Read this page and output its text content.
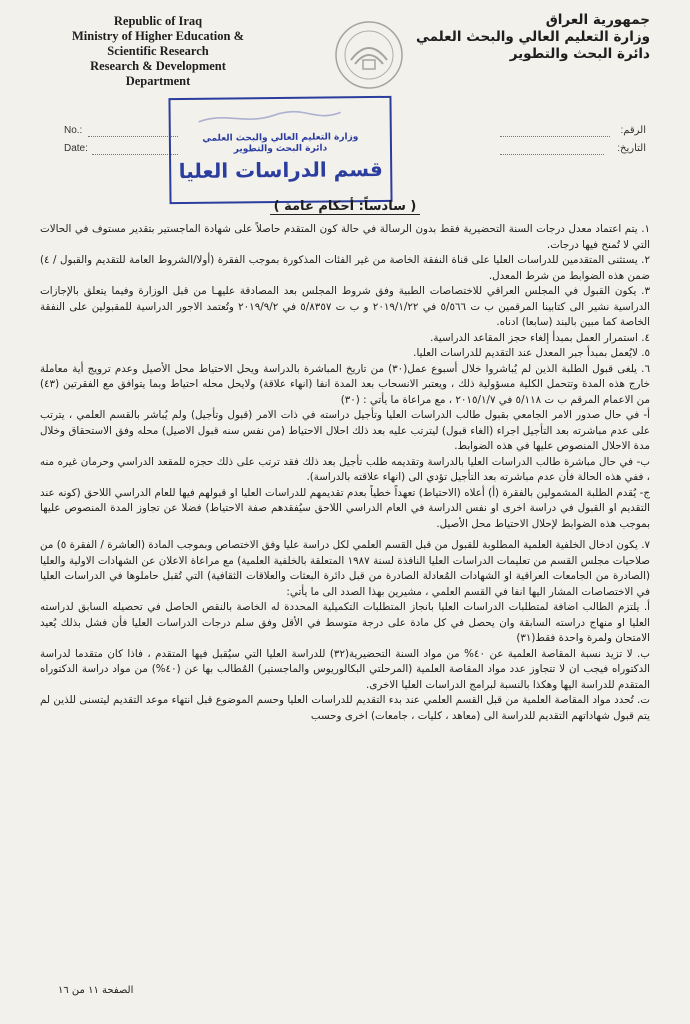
Republic of Iraq
Ministry of Higher Education &
Scientific Research
Research & Development
Department
جمهورية العراق
وزارة التعليم العالي والبحث العلمي
دائرة البحث والتطوير
No.:
Date:
الرقم:
التاريخ:
وزارة التعليم العالي والبحث العلمي
دائرة البحث والتطوير
قسم الدراسات العليا
( سادساً: أحكام عامة )

١. يتم اعتماد معدل درجات السنة التحضيرية فقط بدون الرسالة في حالة كون المتقدم حاصلاً على شهادة الماجستير بتقدير مستوف في الحالات التي لا تُمنح فيها درجات.

٢. يستثنى المتقدمين للدراسات العليا على قناة النفقة الخاصة من غير الفئات المذكورة بموجب الفقرة (أولا/الشروط العامة للتقديم والقبول / ٤) ضمن هذه الضوابط من شرط المعدل.

٣. يكون القبول في المجلس العراقي للاختصاصات الطبية وفق شروط المجلس بعد المصادقة عليهـا من قبل الوزارة وفيما يتعلق بالإجازات الدراسية نشير الى كتابينا المرقمين ب ت ٥/٥٦٦ في ٢٠١٩/١/٢٢ و ب ت ٥/٨٣٥٧ في ٢٠١٩/٩/٢ وتُعتمد الاجور الدراسية للمقبولين على النفقة الخاصة كما مبين بالبند (سابعا) ادناه.

٤. استمرار العمل بمبدأ إلغاء حجز المقاعد الدراسية.

٥. لايُعمل بمبدأ جبر المعدل عند التقديم للدراسات العليا.

٦. يلغى قبول الطلبة الذين لم يُباشروا خلال أسبوع عمل(٣٠) من تاريخ المباشرة بالدراسة ويحل الاحتياط محل الأصيل وعدم ترويج أية معاملة خارج هذه المدة وتتحمل الكلية مسؤولية ذلك ، ويعتبر الانسحاب بعد المدة انفا (انهاء علاقة) ولايحل محله احتياط وبما يتوافق مع الفقرتين (٤٣) من الاعمام المرقم ب ت ٥/١١٨ في ٢٠١٥/١/٧ ، مع مراعاة ما يأتي : (٣٠)

أ- في حال صدور الامر الجامعي بقبول طالب الدراسات العليا وتأجيل دراسته في ذات الامر (قبول وتأجيل) ولم يُباشر بالقسم العلمي ، يترتب على عدم مباشرته بعد التأجيل اجراء (الغاء قبول) ليترتب عليه بعد ذلك احلال الاحتياط (من نفس سنه قبول الاصيل) محله وفق الاستحقاق وخلال مدة الاحلال المنصوص عليها في هذه الضوابط.

ب- في حال مباشرة طالب الدراسات العليا بالدراسة وتقديمه طلب تأجيل بعد ذلك فقد ترتب على ذلك حجزه للمقعد الدراسي وحرمان غيره منه ، ففي هذه الحالة فأن عدم مباشرته بعد التأجيل تؤدي الى (انهاء علاقته بالدراسة).

ج- يُقدم الطلبة المشمولين بالفقرة (أ) أعلاه (الاحتياط) تعهداً خطياً بعدم تقديمهم للدراسات العليا او قبولهم فيها للعام الدراسي اللاحق (كونه عند التقديم او القبول في دراسة اخرى او نفس الدراسة في العام الدراسي اللاحق سيُفقدهم صفة الاحتياط) فضلا عن تجاوز المدة المنصوص عليها بموجب هذه الضوابط لإحلال الاحتياط محل الأصيل.

٧. يكون ادخال الخلفية العلمية المطلوبة للقبول من قبل القسم العلمي لكل دراسة عليا وفق الاختصاص وبموجب المادة (العاشرة / الفقرة ٥) من صلاحيات مجلس القسم من تعليمات الدراسات العليا النافذة لسنة ١٩٨٧ المتعلقة بالخلفية العلمية) مع مراعاة الاعلان عن الشهادات الاولية والعليا (الصادرة من الجامعات العراقية او الشهادات المُعادلة الصادرة من قبل دائرة البعثات والعلاقات الثقافية) التي تُقبل حاملوها في الدراسات العليا في الاختصاصات المشار اليها انفا في القسم العلمي ، مشيرين بهذا الصدد الى ما يأتي:

أ. يلتزم الطالب اضافة لمتطلبات الدراسات العليا بانجاز المتطلبات التكميلية المحددة له الخاصة بالنقص الحاصل في تحصيله السابق لدراسته العليا او منهاج دراسته السابقة وان يحصل في كل مادة على درجة متوسط في الأقل وفق سلم درجات الدراسات العليا فأن فشل بذلك يُعيد الامتحان ولمرة واحدة فقط(٣١)

ب. لا تزيد نسبة المقاصة العلمية عن ٤٠% من مواد السنة التحضيرية(٣٢) للدراسة العليا التي سيُقبل فيها المتقدم ، فاذا كان متقدما لدراسة الدكتوراه فيجب ان لا تتجاوز عدد مواد المقاصة العلمية (المرحلتي البكالوريوس والماجستير) المُطالب بها عن (٤٠%) من مواد دراسة الدكتوراه المتقدم للدراسة اليها وهكذا بالنسبة لبرامج الدراسات العليا الاخرى.

ت. تُحدد مواد المقاصة العلمية من قبل القسم العلمي عند بدء التقديم للدراسات العليا وحسم الموضوع قبل انتهاء موعد التقديم ليتسنى للذين لم يتم قبول شهاداتهم التقديم للدراسة الى (معاهد ، كليات ، جامعات) اخرى وحسب

الصفحة ١١ من ١٦
